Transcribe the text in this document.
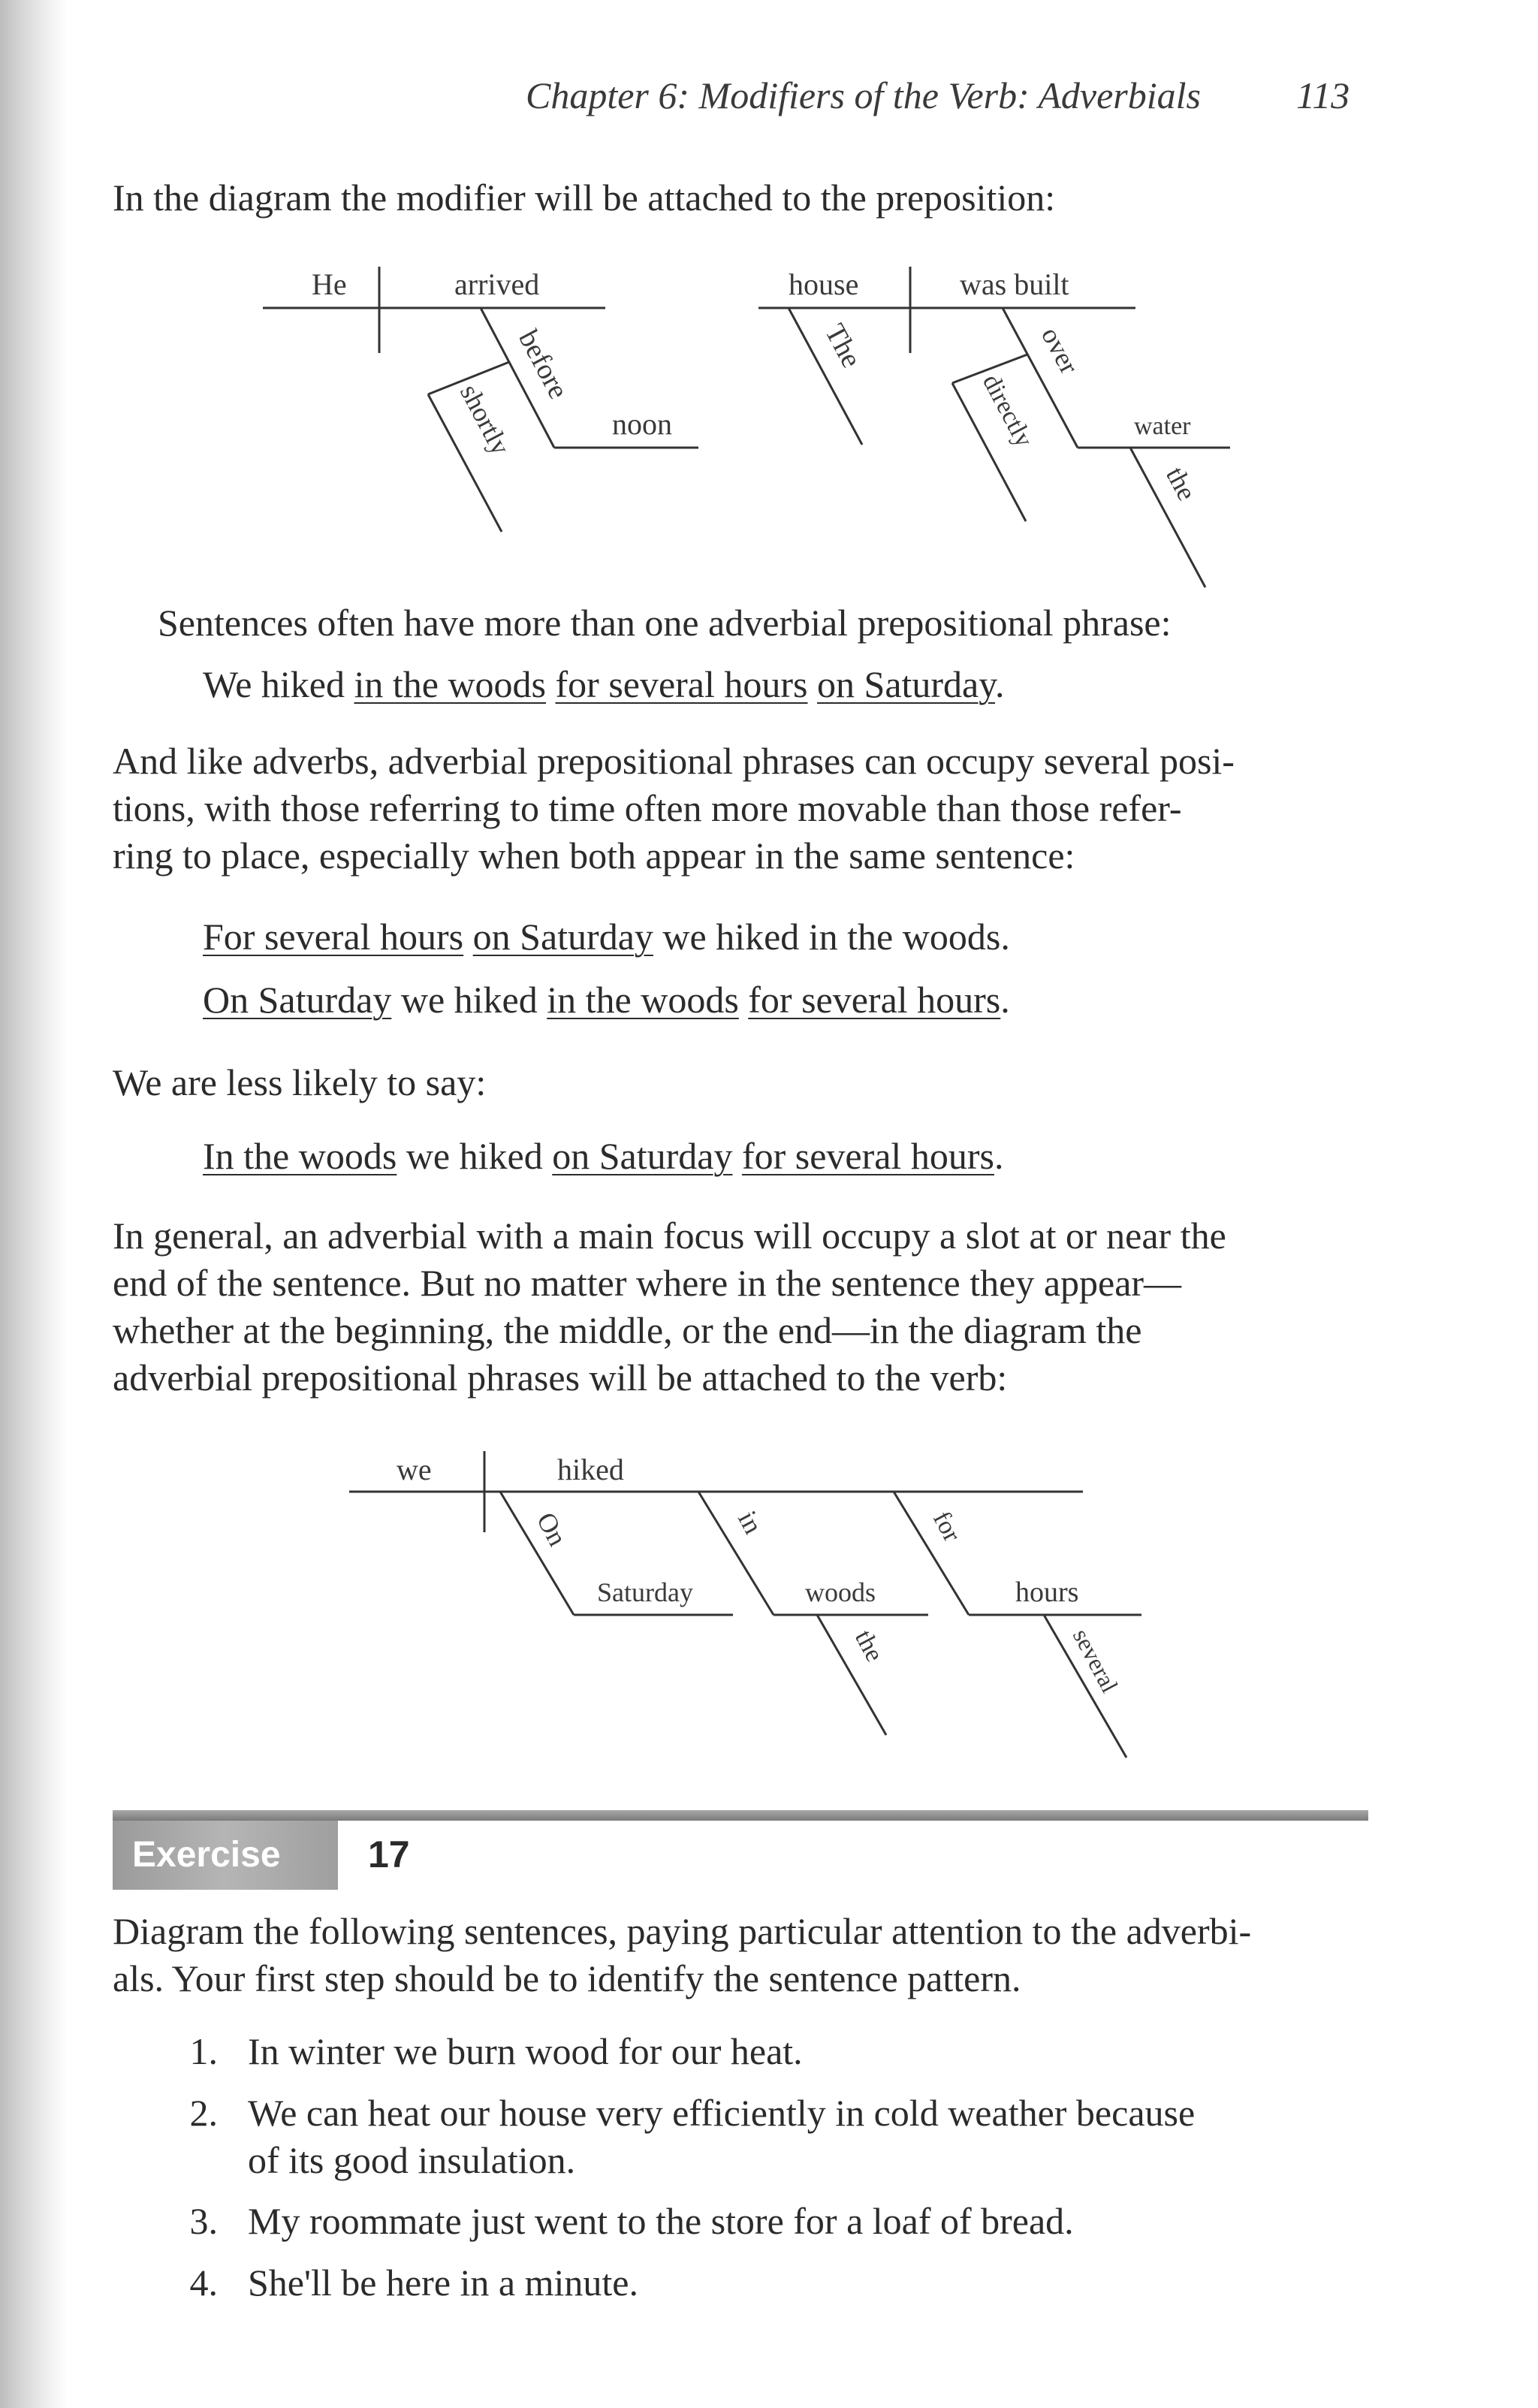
Chapter 6: Modifiers of the Verb: Adverbials	113

In the diagram the modifier will be attached to the preposition:

He	arrived
before
noon
shortly
house	was built
The	over
water
the
directly

Sentences often have more than one adverbial prepositional phrase:

We hiked in the woods for several hours on Saturday.

And like adverbs, adverbial prepositional phrases can occupy several posi-
tions, with those referring to time often more movable than those refer-
ring to place, especially when both appear in the same sentence:

For several hours on Saturday we hiked in the woods.

On Saturday we hiked in the woods for several hours.

We are less likely to say:

In the woods we hiked on Saturday for several hours.

In general, an adverbial with a main focus will occupy a slot at or near the
end of the sentence. But no matter where in the sentence they appear—
whether at the beginning, the middle, or the end—in the diagram the
adverbial prepositional phrases will be attached to the verb:
we	hiked
On
Saturday
in
woods
the
for
hours
several
Exercise	17
Diagram the following sentences, paying particular attention to the adverbi-
als. Your first step should be to identify the sentence pattern.
1. In winter we burn wood for our heat.
2. We can heat our house very efficiently in cold weather because
of its good insulation.
3. My roommate just went to the store for a loaf of bread.
4. She'll be here in a minute.
